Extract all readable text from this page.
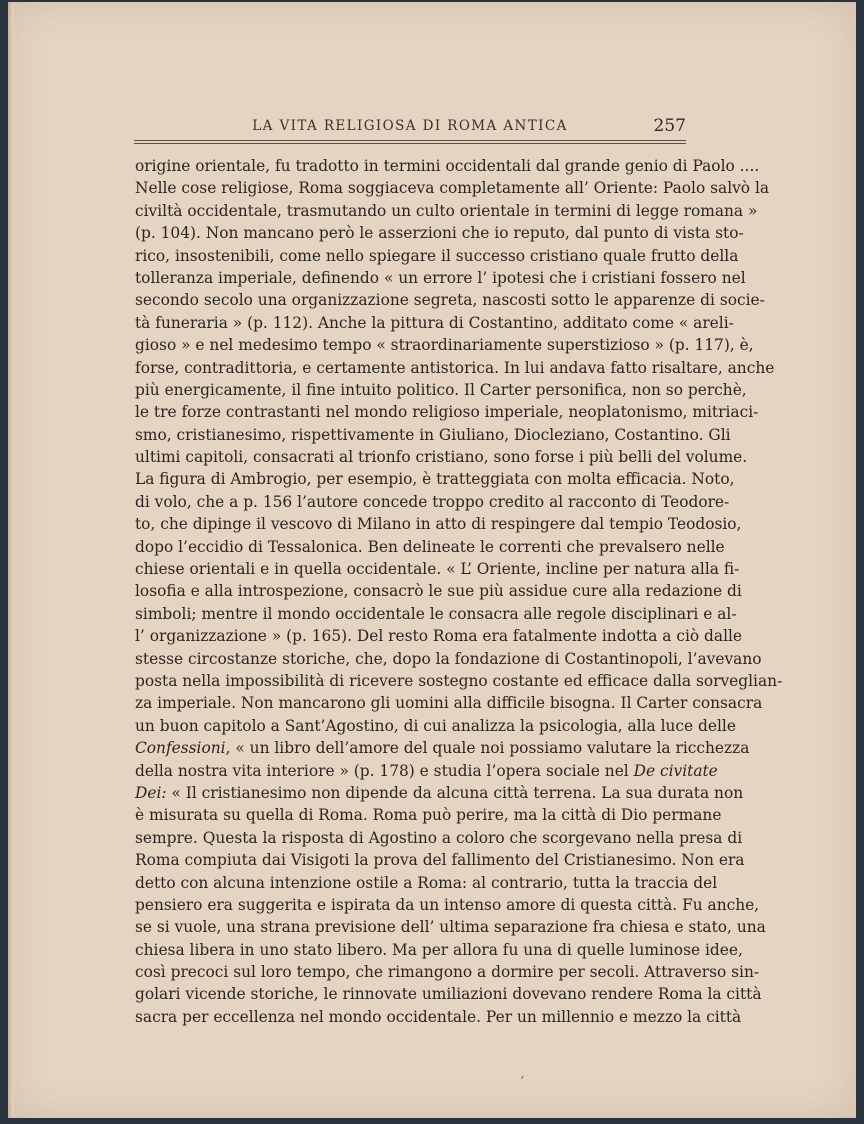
LA VITA RELIGIOSA DI ROMA ANTICA	257
origine orientale, fu tradotto in termini occidentali dal grande genio di Paolo ....
Nelle cose religiose, Roma soggiaceva completamente all’ Oriente: Paolo salvò la
civiltà occidentale, trasmutando un culto orientale in termini di legge romana »
(p. 104). Non mancano però le asserzioni che io reputo, dal punto di vista sto-
rico, insostenibili, come nello spiegare il successo cristiano quale frutto della
tolleranza imperiale, definendo « un errore l’ ipotesi che i cristiani fossero nel
secondo secolo una organizzazione segreta, nascosti sotto le apparenze di socie-
tà funeraria » (p. 112). Anche la pittura di Costantino, additato come « areli-
gioso » e nel medesimo tempo « straordinariamente superstizioso » (p. 117), è,
forse, contradittoria, e certamente antistorica. In lui andava fatto risaltare, anche
più energicamente, il fine intuito politico. Il Carter personifica, non so perchè,
le tre forze contrastanti nel mondo religioso imperiale, neoplatonismo, mitriaci-
smo, cristianesimo, rispettivamente in Giuliano, Diocleziano, Costantino. Gli
ultimi capitoli, consacrati al trionfo cristiano, sono forse i più belli del volume.
La figura di Ambrogio, per esempio, è tratteggiata con molta efficacia. Noto,
di volo, che a p. 156 l’autore concede troppo credito al racconto di Teodore-
to, che dipinge il vescovo di Milano in atto di respingere dal tempio Teodosio,
dopo l’eccidio di Tessalonica. Ben delineate le correnti che prevalsero nelle
chiese orientali e in quella occidentale. « L’ Oriente, incline per natura alla fi-
losofia e alla introspezione, consacrò le sue più assidue cure alla redazione di
simboli; mentre il mondo occidentale le consacra alle regole disciplinari e al-
l’ organizzazione » (p. 165). Del resto Roma era fatalmente indotta a ciò dalle
stesse circostanze storiche, che, dopo la fondazione di Costantinopoli, l’avevano
posta nella impossibilità di ricevere sostegno costante ed efficace dalla sorveglian-
za imperiale. Non mancarono gli uomini alla difficile bisogna. Il Carter consacra
un buon capitolo a Sant’Agostino, di cui analizza la psicologia, alla luce delle
Confessioni, « un libro dell’amore del quale noi possiamo valutare la ricchezza
della nostra vita interiore » (p. 178) e studia l’opera sociale nel De civitate
Dei: « Il cristianesimo non dipende da alcuna città terrena. La sua durata non
è misurata su quella di Roma. Roma può perire, ma la città di Dio permane
sempre. Questa la risposta di Agostino a coloro che scorgevano nella presa di
Roma compiuta dai Visigoti la prova del fallimento del Cristianesimo. Non era
detto con alcuna intenzione ostile a Roma: al contrario, tutta la traccia del
pensiero era suggerita e ispirata da un intenso amore di questa città. Fu anche,
se si vuole, una strana previsione dell’ ultima separazione fra chiesa e stato, una
chiesa libera in uno stato libero. Ma per allora fu una di quelle luminose idee,
così precoci sul loro tempo, che rimangono a dormire per secoli. Attraverso sin-
golari vicende storiche, le rinnovate umiliazioni dovevano rendere Roma la città
sacra per eccellenza nel mondo occidentale. Per un millennio e mezzo la città
ʼ
